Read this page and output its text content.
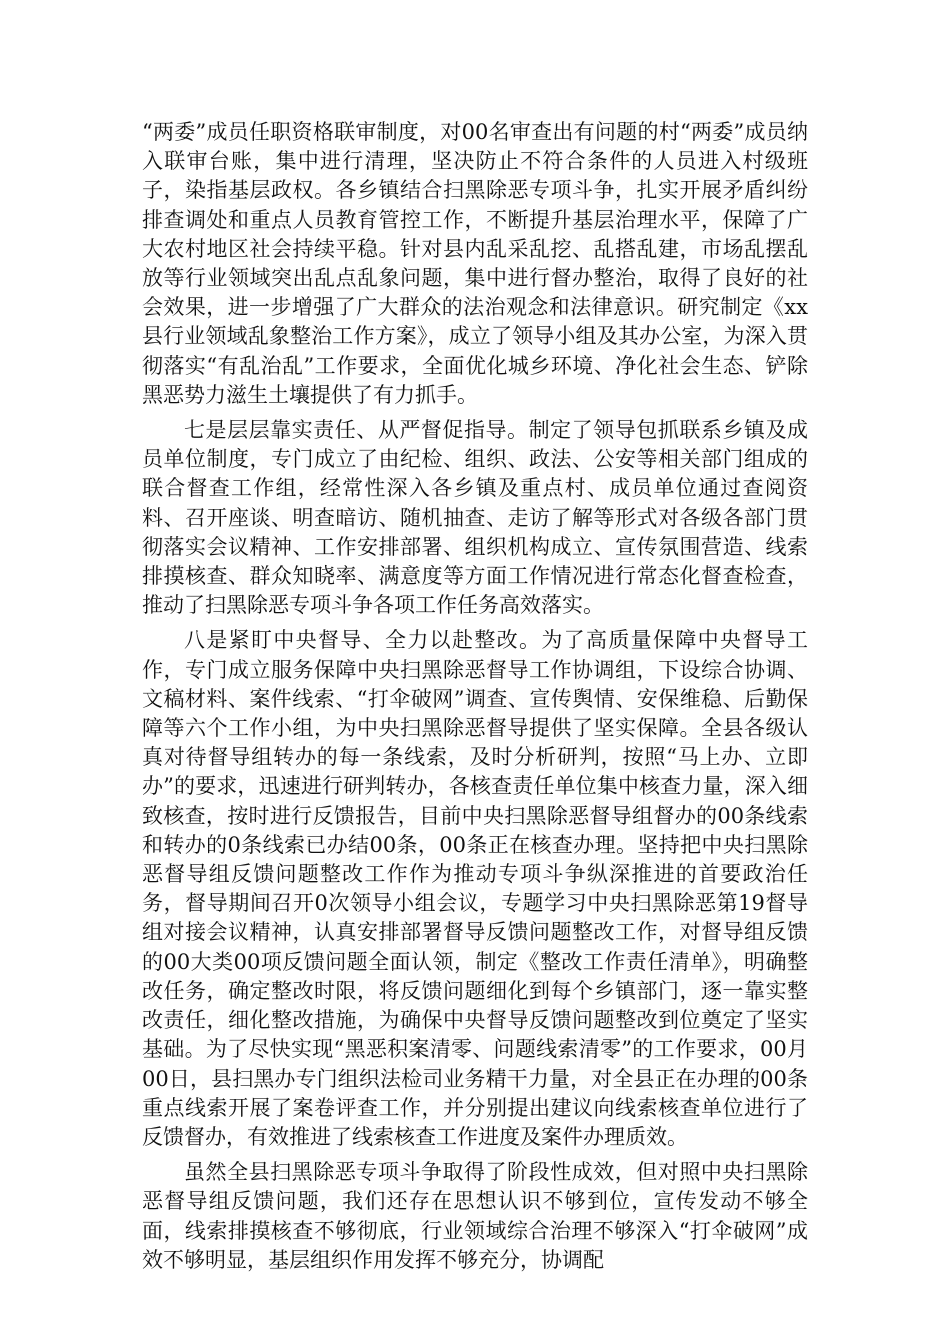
“两委”成员任职资格联审制度，对00名审查出有问题的村“两委”成员纳入联审台账，集中进行清理，坚决防止不符合条件的人员进入村级班子，染指基层政权。各乡镇结合扫黑除恶专项斗争，扎实开展矛盾纠纷排查调处和重点人员教育管控工作，不断提升基层治理水平，保障了广大农村地区社会持续平稳。针对县内乱采乱挖、乱搭乱建，市场乱摆乱放等行业领域突出乱点乱象问题，集中进行督办整治，取得了良好的社会效果，进一步增强了广大群众的法治观念和法律意识。研究制定《xx县行业领域乱象整治工作方案》，成立了领导小组及其办公室，为深入贯彻落实“有乱治乱”工作要求，全面优化城乡环境、净化社会生态、铲除黑恶势力滋生土壤提供了有力抓手。

七是层层靠实责任、从严督促指导。制定了领导包抓联系乡镇及成员单位制度，专门成立了由纪检、组织、政法、公安等相关部门组成的联合督查工作组，经常性深入各乡镇及重点村、成员单位通过查阅资料、召开座谈、明查暗访、随机抽查、走访了解等形式对各级各部门贯彻落实会议精神、工作安排部署、组织机构成立、宣传氛围营造、线索排摸核查、群众知晓率、满意度等方面工作情况进行常态化督查检查，推动了扫黑除恶专项斗争各项工作任务高效落实。

八是紧盯中央督导、全力以赴整改。为了高质量保障中央督导工作，专门成立服务保障中央扫黑除恶督导工作协调组，下设综合协调、文稿材料、案件线索、“打伞破网”调查、宣传舆情、安保维稳、后勤保障等六个工作小组，为中央扫黑除恶督导提供了坚实保障。全县各级认真对待督导组转办的每一条线索，及时分析研判，按照“马上办、立即办”的要求，迅速进行研判转办，各核查责任单位集中核查力量，深入细致核查，按时进行反馈报告，目前中央扫黑除恶督导组督办的00条线索和转办的0条线索已办结00条，00条正在核查办理。坚持把中央扫黑除恶督导组反馈问题整改工作作为推动专项斗争纵深推进的首要政治任务，督导期间召开0次领导小组会议，专题学习中央扫黑除恶第19督导组对接会议精神，认真安排部署督导反馈问题整改工作，对督导组反馈的00大类00项反馈问题全面认领，制定《整改工作责任清单》，明确整改任务，确定整改时限，将反馈问题细化到每个乡镇部门，逐一靠实整改责任，细化整改措施，为确保中央督导反馈问题整改到位奠定了坚实基础。为了尽快实现“黑恶积案清零、问题线索清零”的工作要求，00月00日，县扫黑办专门组织法检司业务精干力量，对全县正在办理的00条重点线索开展了案卷评查工作，并分别提出建议向线索核查单位进行了反馈督办，有效推进了线索核查工作进度及案件办理质效。

虽然全县扫黑除恶专项斗争取得了阶段性成效，但对照中央扫黑除恶督导组反馈问题，我们还存在思想认识不够到位，宣传发动不够全面，线索排摸核查不够彻底，行业领域综合治理不够深入“打伞破网”成效不够明显，基层组织作用发挥不够充分，协调配
